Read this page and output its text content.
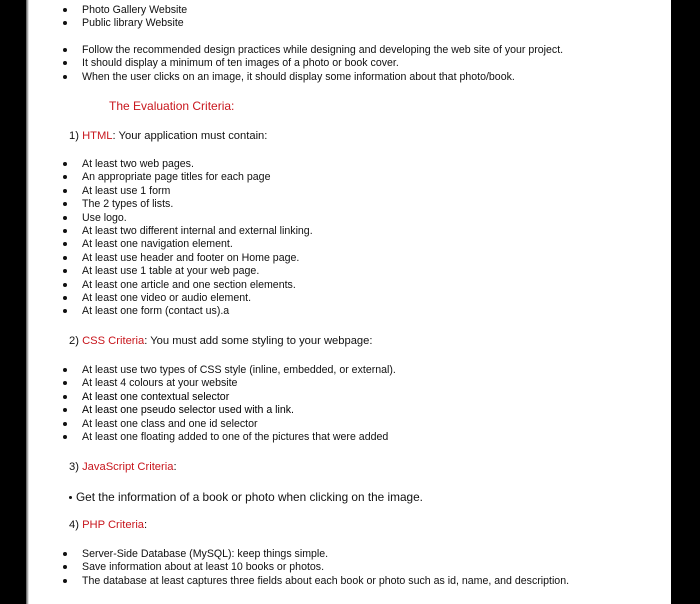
Photo Gallery Website
Public library Website
Follow the recommended design practices while designing and developing the web site of your project.
It should display a minimum of ten images of a photo or book cover.
When the user clicks on an image, it should display some information about that photo/book.
The Evaluation Criteria:
1) HTML: Your application must contain:
At least two web pages.
An appropriate page titles for each page
At least use 1 form
The 2 types of lists.
Use logo.
At least two different internal and external linking.
At least one navigation element.
At least use header and footer on Home page.
At least use 1 table at your web page.
At least one article and one section elements.
At least one video or audio element.
At least one form (contact us).a
2) CSS Criteria: You must add some styling to your webpage:
At least use two types of CSS style (inline, embedded, or external).
At least 4 colours at your website
At least one contextual selector
At least one pseudo selector used with a link.
At least one class and one id selector
At least one floating added to one of the pictures that were added
3) JavaScript Criteria:
Get the information of a book or photo when clicking on the image.
4) PHP Criteria:
Server-Side Database (MySQL): keep things simple.
Save information about at least 10 books or photos.
The database at least captures three fields about each book or photo such as id, name, and description.
